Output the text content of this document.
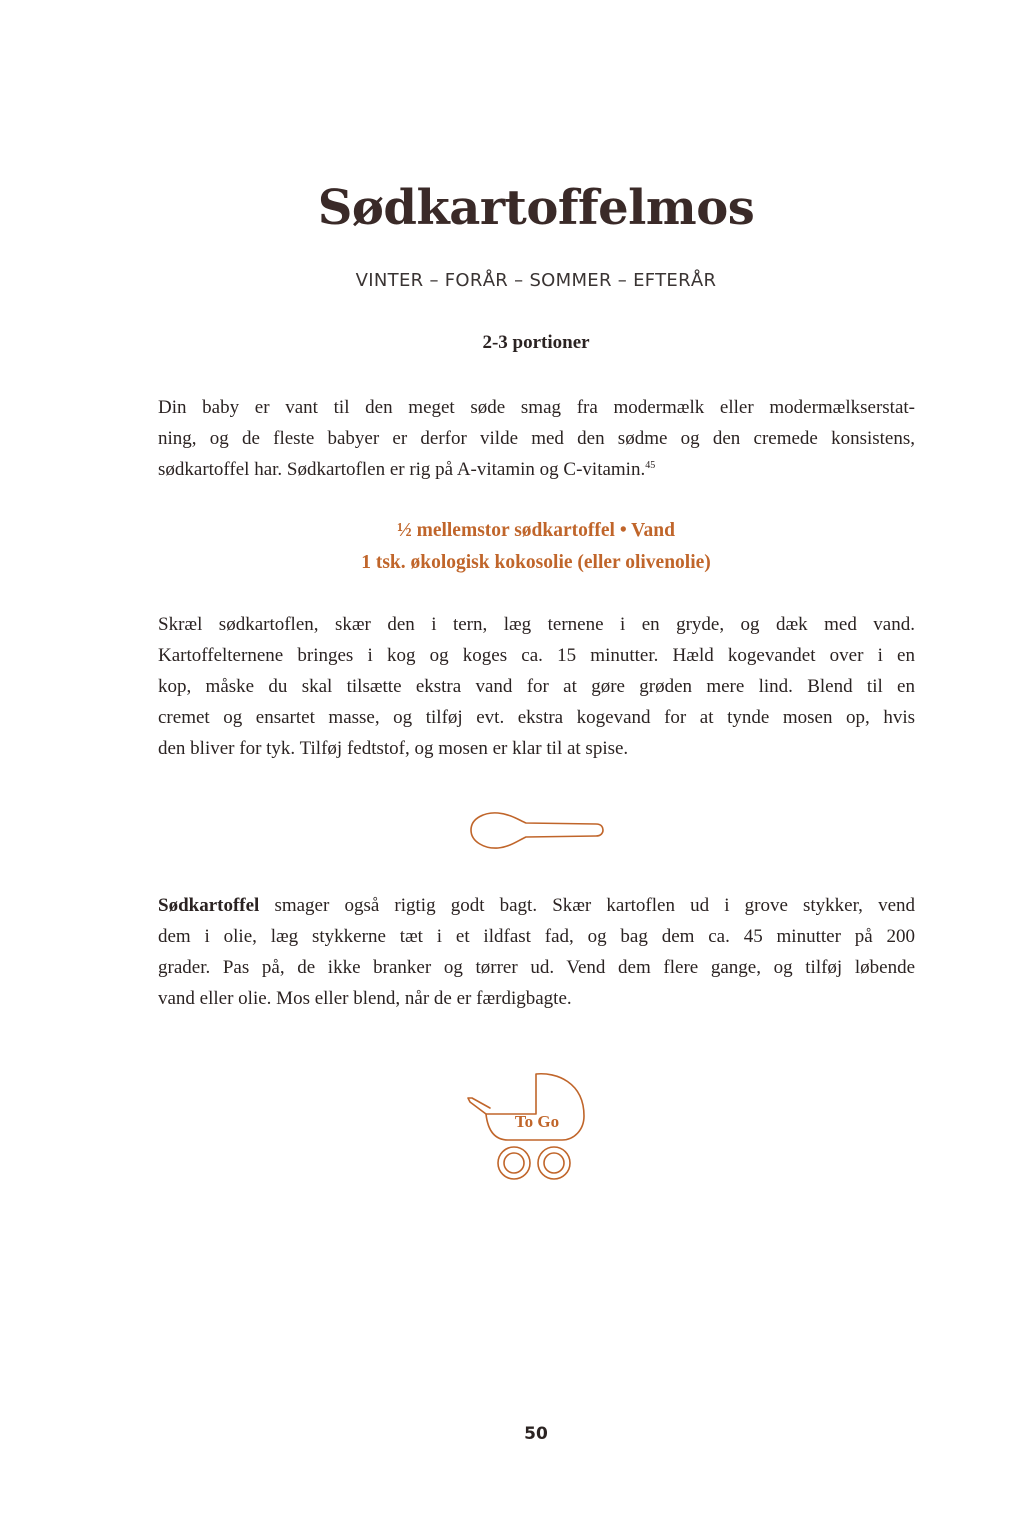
Sødkartoffelmos
VINTER – FORÅR – SOMMER – EFTERÅR
2-3 portioner

Din baby er vant til den meget søde smag fra modermælk eller modermælkserstat-
ning, og de fleste babyer er derfor vilde med den sødme og den cremede konsistens,
sødkartoffel har. Sødkartoflen er rig på A-vitamin og C-vitamin.$^{45}$

½ mellemstor sødkartoffel • Vand
1 tsk. økologisk kokosolie (eller olivenolie)

Skræl sødkartoflen, skær den i tern, læg ternene i en gryde, og dæk med vand.
Kartoffelternene bringes i kog og koges ca. 15 minutter. Hæld kogevandet over i en
kop, måske du skal tilsætte ekstra vand for at gøre grøden mere lind. Blend til en
cremet og ensartet masse, og tilføj evt. ekstra kogevand for at tynde mosen op, hvis
den bliver for tyk. Tilføj fedtstof, og mosen er klar til at spise.

Sødkartoffel smager også rigtig godt bagt. Skær kartoflen ud i grove stykker, vend
dem i olie, læg stykkerne tæt i et ildfast fad, og bag dem ca. 45 minutter på 200
grader. Pas på, de ikke branker og tørrer ud. Vend dem flere gange, og tilføj løbende
vand eller olie. Mos eller blend, når de er færdigbagte.

To Go
50
